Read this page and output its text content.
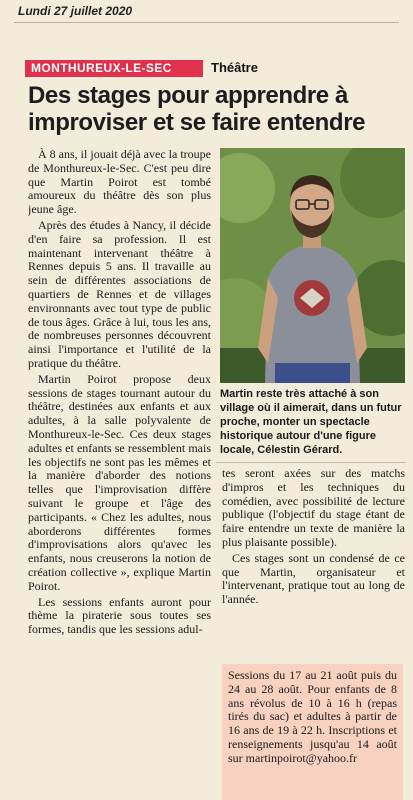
Lundi 27 juillet 2020
MONTHUREUX-LE-SEC	Théâtre
Des stages pour apprendre à improviser et se faire entendre

À 8 ans, il jouait déjà avec la troupe de Monthureux-le-Sec. C'est peu dire que Martin Poirot est tombé amoureux du théâtre dès son plus jeune âge.

Après des études à Nancy, il décide d'en faire sa profession. Il est maintenant intervenant théâtre à Rennes depuis 5 ans. Il travaille au sein de différentes associations de quartiers de Rennes et de villages environnants avec tout type de public de tous âges. Grâce à lui, tous les ans, de nombreuses personnes découvrent ainsi l'importance et l'utilité de la pratique du théâtre.

Martin Poirot propose deux sessions de stages tournant autour du théâtre, destinées aux enfants et aux adultes, à la salle polyvalente de Monthureux-le-Sec. Ces deux stages adultes et enfants se ressemblent mais les objectifs ne sont pas les mêmes et la manière d'aborder des notions telles que l'improvisation diffère suivant le groupe et l'âge des participants. « Chez les adultes, nous aborderons différentes formes d'improvisations alors qu'avec les enfants, nous creuserons la notion de création collective », explique Martin Poirot.

Les sessions enfants auront pour thème la piraterie sous toutes ses formes, tandis que les sessions adul-

Martin reste très attaché à son village où il aimerait, dans un futur proche, monter un spectacle historique autour d'une figure locale, Célestin Gérard.

tes seront axées sur des matchs d'impros et les techniques du comédien, avec possibilité de lecture publique (l'objectif du stage étant de faire entendre un texte de manière la plus plaisante possible).

Ces stages sont un condensé de ce que Martin, organisateur et l'intervenant, pratique tout au long de l'année.

Sessions du 17 au 21 août puis du 24 au 28 août. Pour enfants de 8 ans révolus de 10 à 16 h (repas tirés du sac) et adultes à partir de 16 ans de 19 à 22 h. Inscriptions et renseignements jusqu'au 14 août sur martinpoirot@yahoo.fr
